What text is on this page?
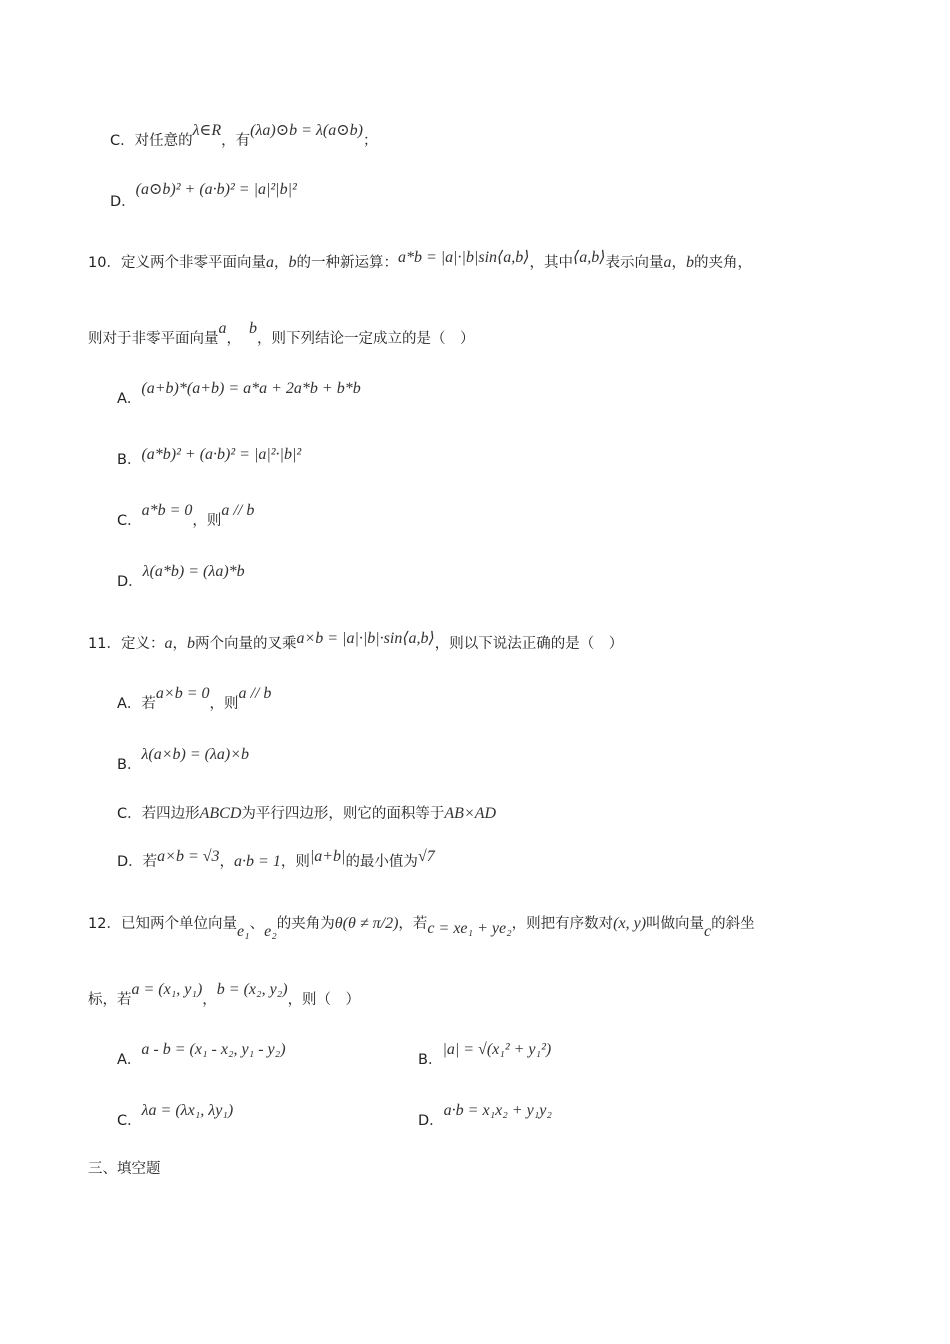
C．对任意的λ∈R，有(λa)⊙b = λ(a⊙b)；
D．(a⊙b)² + (a·b)² = |a|²|b|²
10．定义两个非零平面向量a，b的一种新运算：a*b = |a|·|b|sin⟨a,b⟩，其中⟨a,b⟩表示向量a，b的夹角，
则对于非零平面向量a，b，则下列结论一定成立的是（　）
A．(a+b)*(a+b) = a*a + 2a*b + b*b
B．(a*b)² + (a·b)² = |a|²·|b|²
C．a*b = 0，则a // b
D．λ(a*b) = (λa)*b
11．定义：a，b两个向量的叉乘a×b = |a|·|b|·sin⟨a,b⟩，则以下说法正确的是（　）
A．若a×b = 0，则a // b
B．λ(a×b) = (λa)×b
C．若四边形ABCD为平行四边形，则它的面积等于AB×AD
D．若a×b = √3，a·b = 1，则|a+b|的最小值为√7
12．已知两个单位向量e₁、e₂的夹角为θ(θ ≠ π/2)，若c = xe₁ + ye₂，则把有序数对(x, y)叫做向量c的斜坐
标，若a = (x₁, y₁)，b = (x₂, y₂)，则（　）
A．a - b = (x₁ - x₂, y₁ - y₂)
B．|a| = √(x₁² + y₁²)
C．λa = (λx₁, λy₁)
D．a·b = x₁x₂ + y₁y₂
三、填空题
